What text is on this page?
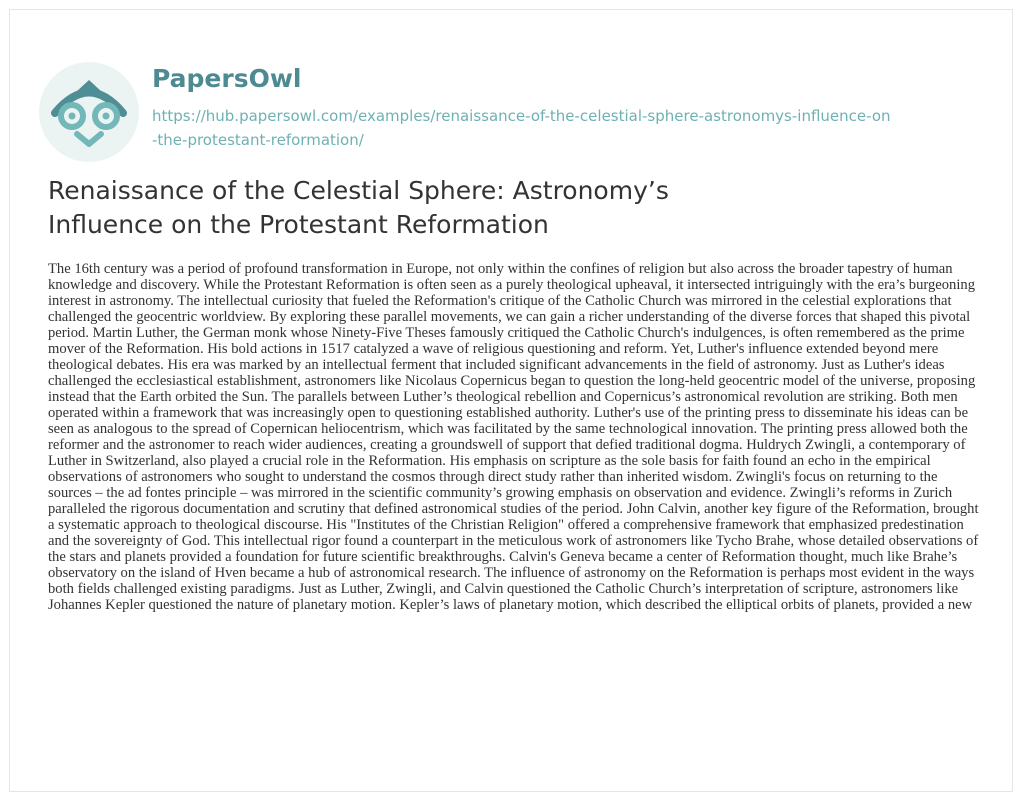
PapersOwl
https://hub.papersowl.com/examples/renaissance-of-the-celestial-sphere-astronomys-influence-on-the-protestant-reformation/
Renaissance of the Celestial Sphere: Astronomy’s Influence on the Protestant Reformation

The 16th century was a period of profound transformation in Europe, not only within the confines of religion but also across the broader tapestry of human knowledge and discovery. While the Protestant Reformation is often seen as a purely theological upheaval, it intersected intriguingly with the era’s burgeoning interest in astronomy. The intellectual curiosity that fueled the Reformation's critique of the Catholic Church was mirrored in the celestial explorations that challenged the geocentric worldview. By exploring these parallel movements, we can gain a richer understanding of the diverse forces that shaped this pivotal period. Martin Luther, the German monk whose Ninety-Five Theses famously critiqued the Catholic Church's indulgences, is often remembered as the prime mover of the Reformation. His bold actions in 1517 catalyzed a wave of religious questioning and reform. Yet, Luther's influence extended beyond mere theological debates. His era was marked by an intellectual ferment that included significant advancements in the field of astronomy. Just as Luther's ideas challenged the ecclesiastical establishment, astronomers like Nicolaus Copernicus began to question the long-held geocentric model of the universe, proposing instead that the Earth orbited the Sun. The parallels between Luther’s theological rebellion and Copernicus’s astronomical revolution are striking. Both men operated within a framework that was increasingly open to questioning established authority. Luther's use of the printing press to disseminate his ideas can be seen as analogous to the spread of Copernican heliocentrism, which was facilitated by the same technological innovation. The printing press allowed both the reformer and the astronomer to reach wider audiences, creating a groundswell of support that defied traditional dogma. Huldrych Zwingli, a contemporary of Luther in Switzerland, also played a crucial role in the Reformation. His emphasis on scripture as the sole basis for faith found an echo in the empirical observations of astronomers who sought to understand the cosmos through direct study rather than inherited wisdom. Zwingli's focus on returning to the sources – the ad fontes principle – was mirrored in the scientific community’s growing emphasis on observation and evidence. Zwingli’s reforms in Zurich paralleled the rigorous documentation and scrutiny that defined astronomical studies of the period. John Calvin, another key figure of the Reformation, brought a systematic approach to theological discourse. His "Institutes of the Christian Religion" offered a comprehensive framework that emphasized predestination and the sovereignty of God. This intellectual rigor found a counterpart in the meticulous work of astronomers like Tycho Brahe, whose detailed observations of the stars and planets provided a foundation for future scientific breakthroughs. Calvin's Geneva became a center of Reformation thought, much like Brahe’s observatory on the island of Hven became a hub of astronomical research. The influence of astronomy on the Reformation is perhaps most evident in the ways both fields challenged existing paradigms. Just as Luther, Zwingli, and Calvin questioned the Catholic Church’s interpretation of scripture, astronomers like Johannes Kepler questioned the nature of planetary motion. Kepler’s laws of planetary motion, which described the elliptical orbits of planets, provided a new
